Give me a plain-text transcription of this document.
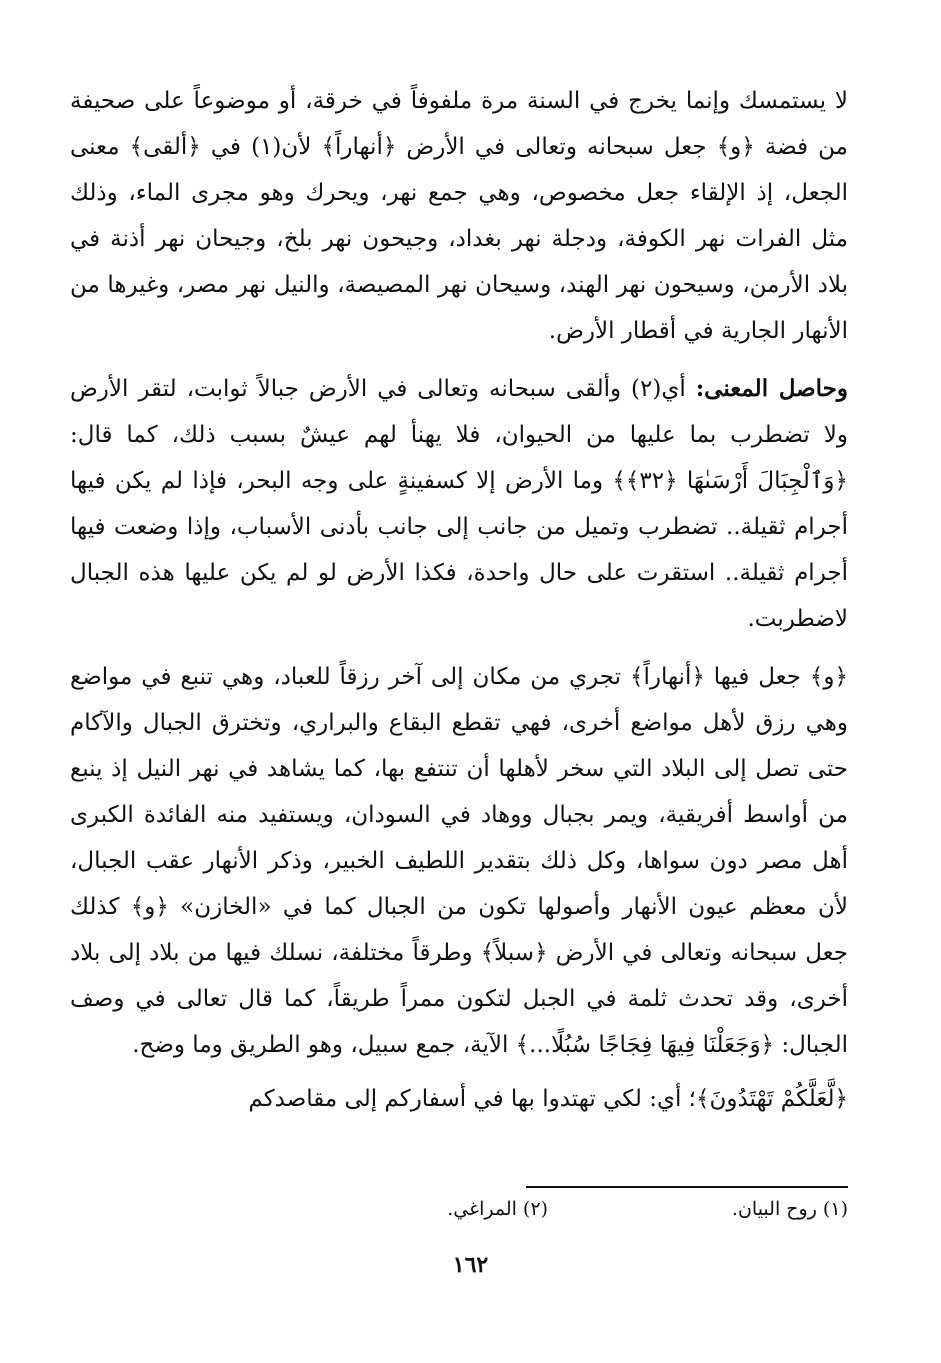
لا يستمسك وإنما يخرج في السنة مرة ملفوفاً في خرقة، أو موضوعاً على صحيفة من فضة ﴿و﴾ جعل سبحانه وتعالى في الأرض ﴿أنهاراً﴾ لأن(١) في ﴿ألقى﴾ معنى الجعل، إذ الإلقاء جعل مخصوص، وهي جمع نهر، ويحرك وهو مجرى الماء، وذلك مثل الفرات نهر الكوفة، ودجلة نهر بغداد، وجيحون نهر بلخ، وجيحان نهر أذنة في بلاد الأرمن، وسيحون نهر الهند، وسيحان نهر المصيصة، والنيل نهر مصر، وغيرها من الأنهار الجارية في أقطار الأرض.

وحاصل المعنى: أي(٢) وألقى سبحانه وتعالى في الأرض جبالاً ثوابت، لتقر الأرض ولا تضطرب بما عليها من الحيوان، فلا يهنأ لهم عيشٌ بسبب ذلك، كما قال: ﴿وَٱلْجِبَالَ أَرْسَىٰهَا ﴿٣٢﴾﴾ وما الأرض إلا كسفينةٍ على وجه البحر، فإذا لم يكن فيها أجرام ثقيلة.. تضطرب وتميل من جانب إلى جانب بأدنى الأسباب، وإذا وضعت فيها أجرام ثقيلة.. استقرت على حال واحدة، فكذا الأرض لو لم يكن عليها هذه الجبال لاضطربت.

﴿و﴾ جعل فيها ﴿أنهاراً﴾ تجري من مكان إلى آخر رزقاً للعباد، وهي تنبع في مواضع وهي رزق لأهل مواضع أخرى، فهي تقطع البقاع والبراري، وتخترق الجبال والآكام حتى تصل إلى البلاد التي سخر لأهلها أن تنتفع بها، كما يشاهد في نهر النيل إذ ينبع من أواسط أفريقية، ويمر بجبال ووهاد في السودان، ويستفيد منه الفائدة الكبرى أهل مصر دون سواها، وكل ذلك بتقدير اللطيف الخبير، وذكر الأنهار عقب الجبال، لأن معظم عيون الأنهار وأصولها تكون من الجبال كما في «الخازن» ﴿و﴾ كذلك جعل سبحانه وتعالى في الأرض ﴿سبلاً﴾ وطرقاً مختلفة، نسلك فيها من بلاد إلى بلاد أخرى، وقد تحدث ثلمة في الجبل لتكون ممراً طريقاً، كما قال تعالى في وصف الجبال: ﴿وَجَعَلْنَا فِيهَا فِجَاجًا سُبُلًا...﴾ الآية، جمع سبيل، وهو الطريق وما وضح.

﴿لَّعَلَّكُمْ تَهْتَدُونَ﴾؛ أي: لكي تهتدوا بها في أسفاركم إلى مقاصدكم

(١) روح البيان.
(٢) المراغي.
١٦٢
